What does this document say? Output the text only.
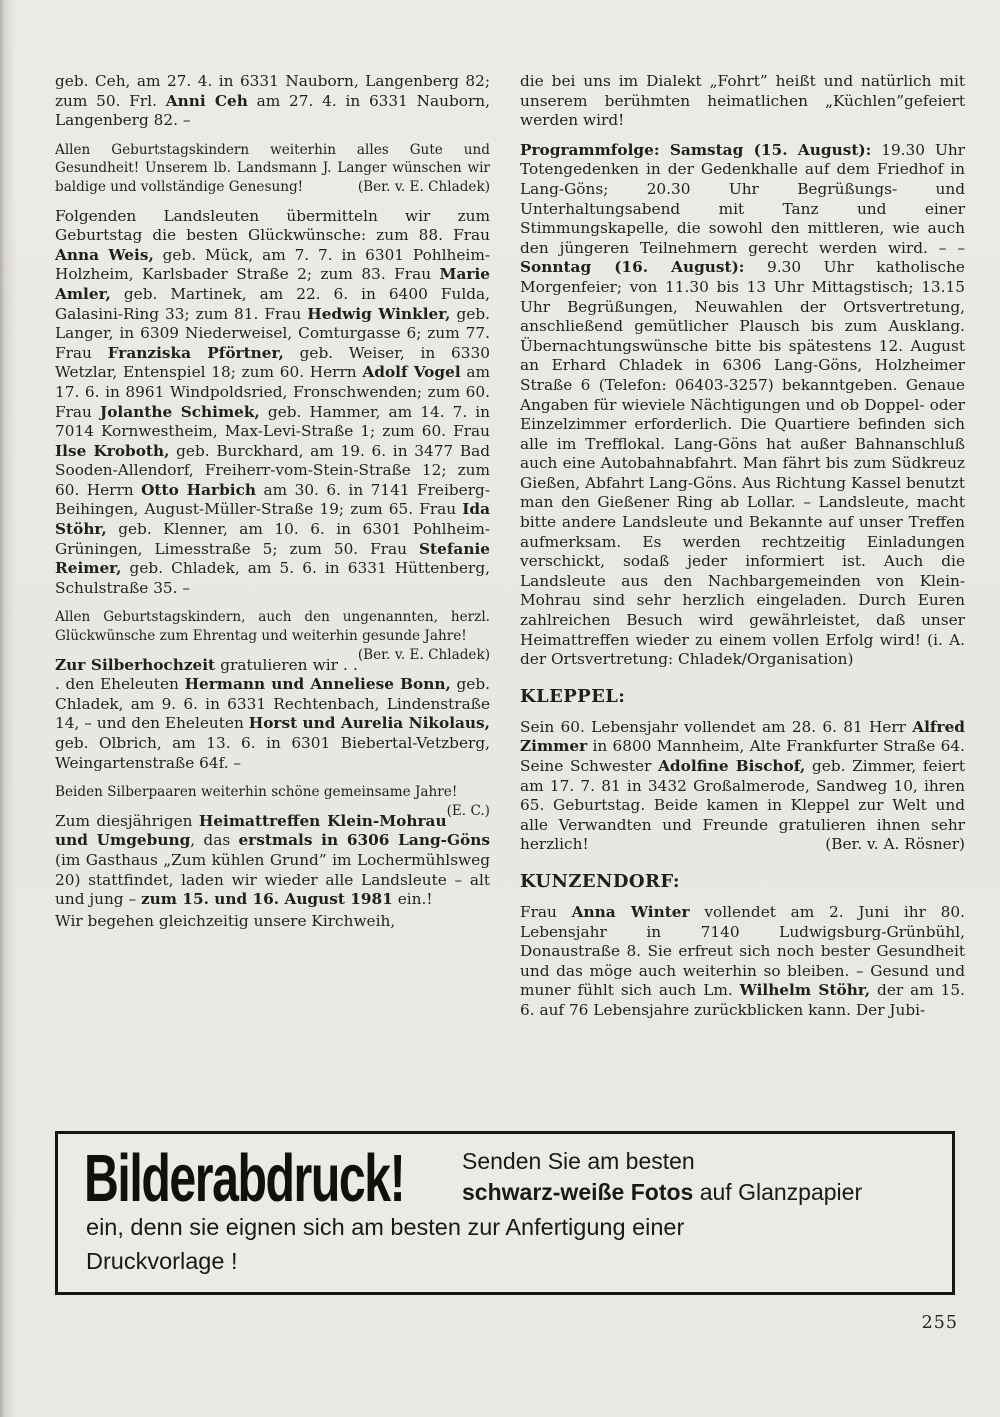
geb. Ceh, am 27. 4. in 6331 Nauborn, Langenberg 82; zum 50. Frl. Anni Ceh am 27. 4. in 6331 Nauborn, Langenberg 82. –

Allen Geburtstagskindern weiterhin alles Gute und Gesundheit! Unserem lb. Landsmann J. Langer wünschen wir baldige und vollständige Genesung!	(Ber. v. E. Chladek)

Folgenden Landsleuten übermitteln wir zum Geburtstag die besten Glückwünsche: zum 88. Frau Anna Weis, geb. Mück, am 7. 7. in 6301 Pohlheim-Holzheim, Karlsbader Straße 2; zum 83. Frau Marie Amler, geb. Martinek, am 22. 6. in 6400 Fulda, Galasini-Ring 33; zum 81. Frau Hedwig Winkler, geb. Langer, in 6309 Niederweisel, Comturgasse 6; zum 77. Frau Franziska Pförtner, geb. Weiser, in 6330 Wetzlar, Entenspiel 18; zum 60. Herrn Adolf Vogel am 17. 6. in 8961 Windpoldsried, Fronschwenden; zum 60. Frau Jolanthe Schimek, geb. Hammer, am 14. 7. in 7014 Kornwestheim, Max-Levi-Straße 1; zum 60. Frau Ilse Kroboth, geb. Burckhard, am 19. 6. in 3477 Bad Sooden-Allendorf, Freiherr-vom-Stein-Straße 12; zum 60. Herrn Otto Harbich am 30. 6. in 7141 Freiberg-Beihingen, August-Müller-Straße 19; zum 65. Frau Ida Stöhr, geb. Klenner, am 10. 6. in 6301 Pohlheim-Grüningen, Limesstraße 5; zum 50. Frau Stefanie Reimer, geb. Chladek, am 5. 6. in 6331 Hüttenberg, Schulstraße 35. –

Allen Geburtstagskindern, auch den ungenannten, herzl. Glückwünsche zum Ehrentag und weiterhin gesunde Jahre!
(Ber. v. E. Chladek)

Zur Silberhochzeit gratulieren wir . . . den Eheleuten Hermann und Anneliese Bonn, geb. Chladek, am 9. 6. in 6331 Rechtenbach, Lindenstraße 14, – und den Eheleuten Horst und Aurelia Nikolaus, geb. Olbrich, am 13. 6. in 6301 Biebertal-Vetzberg, Weingartenstraße 64f. –

Beiden Silberpaaren weiterhin schöne gemeinsame Jahre!
(E. C.)

Zum diesjährigen Heimattreffen Klein-Mohrau und Umgebung, das erstmals in 6306 Lang-Göns (im Gasthaus „Zum kühlen Grund” im Lochermühlsweg 20) stattfindet, laden wir wieder alle Landsleute – alt und jung – zum 15. und 16. August 1981 ein.!

Wir begehen gleichzeitig unsere Kirchweih,

die bei uns im Dialekt „Fohrt” heißt und natürlich mit unserem berühmten heimatlichen „Küchlen”gefeiert werden wird!

Programmfolge: Samstag (15. August): 19.30 Uhr Totengedenken in der Gedenkhalle auf dem Friedhof in Lang-Göns; 20.30 Uhr Begrüßungs- und Unterhaltungsabend mit Tanz und einer Stimmungskapelle, die sowohl den mittleren, wie auch den jüngeren Teilnehmern gerecht werden wird. – – Sonntag (16. August): 9.30 Uhr katholische Morgenfeier; von 11.30 bis 13 Uhr Mittagstisch; 13.15 Uhr Begrüßungen, Neuwahlen der Ortsvertretung, anschließend gemütlicher Plausch bis zum Ausklang. Übernachtungswünsche bitte bis spätestens 12. August an Erhard Chladek in 6306 Lang-Göns, Holzheimer Straße 6 (Telefon: 06403-3257) bekanntgeben. Genaue Angaben für wieviele Nächtigungen und ob Doppel- oder Einzelzimmer erforderlich. Die Quartiere befinden sich alle im Trefflokal. Lang-Göns hat außer Bahnanschluß auch eine Autobahnabfahrt. Man fährt bis zum Südkreuz Gießen, Abfahrt Lang-Göns. Aus Richtung Kassel benutzt man den Gießener Ring ab Lollar. – Landsleute, macht bitte andere Landsleute und Bekannte auf unser Treffen aufmerksam. Es werden rechtzeitig Einladungen verschickt, sodaß jeder informiert ist. Auch die Landsleute aus den Nachbargemeinden von Klein-Mohrau sind sehr herzlich eingeladen. Durch Euren zahlreichen Besuch wird gewährleistet, daß unser Heimattreffen wieder zu einem vollen Erfolg wird! (i. A. der Ortsvertretung: Chladek/Organisation)

KLEPPEL:

Sein 60. Lebensjahr vollendet am 28. 6. 81 Herr Alfred Zimmer in 6800 Mannheim, Alte Frankfurter Straße 64. Seine Schwester Adolfine Bischof, geb. Zimmer, feiert am 17. 7. 81 in 3432 Großalmerode, Sandweg 10, ihren 65. Geburtstag. Beide kamen in Kleppel zur Welt und alle Verwandten und Freunde gratulieren ihnen sehr herzlich!	(Ber. v. A. Rösner)

KUNZENDORF:

Frau Anna Winter vollendet am 2. Juni ihr 80. Lebensjahr in 7140 Ludwigsburg-Grünbühl, Donaustraße 8. Sie erfreut sich noch bester Gesundheit und das möge auch weiterhin so bleiben. – Gesund und muner fühlt sich auch Lm. Wilhelm Stöhr, der am 15. 6. auf 76 Lebensjahre zurückblicken kann. Der Jubi-

Bilderabdruck!	Senden Sie am besten
schwarz-weiße Fotos auf Glanzpapier
ein, denn sie eignen sich am besten zur Anfertigung einer
Druckvorlage !
255
